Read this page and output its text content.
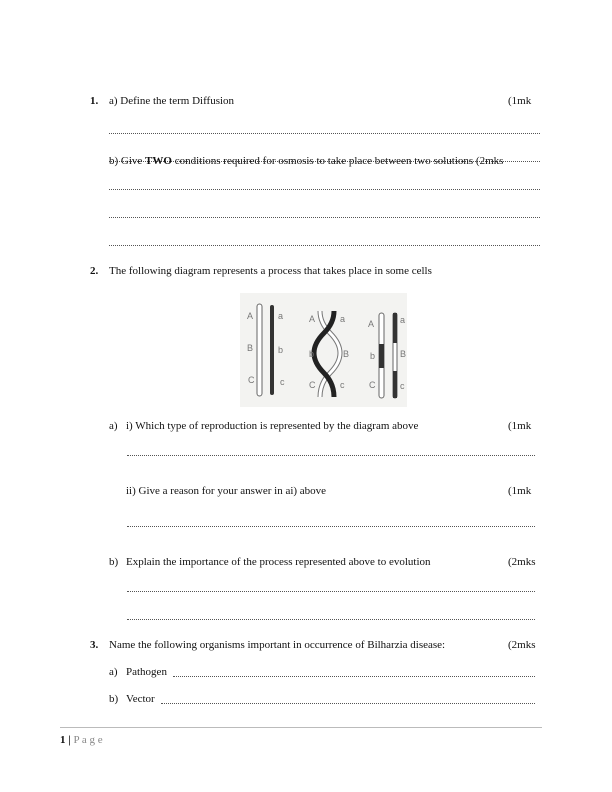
1. a) Define the term Diffusion	(1mk
b) Give TWO conditions required for osmosis to take place between two solutions (2mks
2. The following diagram represents a process that takes place in some cells
A
B
C
a
b
c
A
b
C
a
B
c
A
b
C
a
B
c
a) i) Which type of reproduction is represented by the diagram above	(1mk
ii) Give a reason for your answer in ai) above	(1mk
b) Explain the importance of the process represented above to evolution	(2mks
3. Name the following organisms important in occurrence of Bilharzia disease:	(2mks
a) Pathogen
b) Vector
1 | P a g e
